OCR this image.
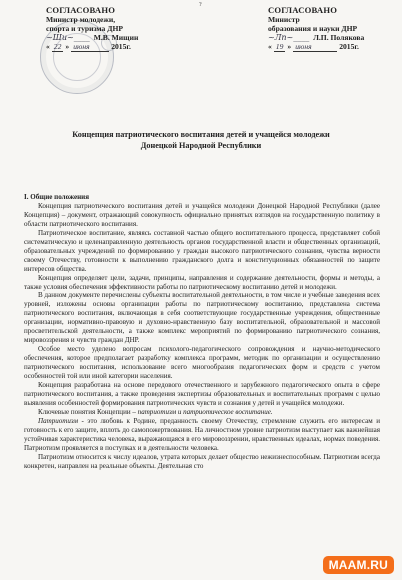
?
СОГЛАСОВАНО
Министр молодежи,
спорта и туризма ДНР
~Шu~____ М.В. Мищин
« 22 » июня	2015г.
СОГЛАСОВАНО
Министр
образования и науки ДНР
~Лп~____ Л.П. Полякова
« 19 » июня	2015г.
Концепция патриотического воспитания детей и учащейся молодежи
Донецкой Народной Республики
I. Общие положения

Концепция патриотического воспитания детей и учащейся молодежи Донецкой Народной Республики (далее Концепция) – документ, отражающий совокупность официально принятых взглядов на государственную политику в области патриотического воспитания.

Патриотическое воспитание, являясь составной частью общего воспитательного процесса, представляет собой систематическую и целенаправленную деятельность органов государственной власти и общественных организаций, образовательных учреждений по формированию у граждан высокого патриотического сознания, чувства верности своему Отечеству, готовности к выполнению гражданского долга и конституционных обязанностей по защите интересов общества.

Концепция определяет цели, задачи, принципы, направления и содержание деятельности, формы и методы, а также условия обеспечения эффективности работы по патриотическому воспитанию детей и молодежи.

В данном документе перечислены субъекты воспитательной деятельности, в том числе и учебные заведения всех уровней, изложены основы организации работы по патриотическому воспитанию, представлена система патриотического воспитания, включающая в себя соответствующие государственные учреждения, общественные организации, нормативно-правовую и духовно-нравственную базу воспитательной, образовательной и массовой просветительской деятельности, а также комплекс мероприятий по формированию патриотического сознания, мировоззрения и чувств граждан ДНР.

Особое место уделено вопросам психолого-педагогического сопровождения и научно-методического обеспечения, которое предполагает разработку комплекса программ, методик по организации и осуществлению патриотического воспитания, использование всего многообразия педагогических форм и средств с учетом особенностей той или иной категории населения.

Концепция разработана на основе передового отечественного и зарубежного педагогического опыта в сфере патриотического воспитания, а также проведения экспертизы образовательных и воспитательных программ с целью выявления особенностей формирования патриотических чувств и сознания у детей и учащейся молодежи.

Ключевые понятия Концепции – патриотизм и патриотическое воспитание.

Патриотизм - это любовь к Родине, преданность своему Отечеству, стремление служить его интересам и готовность к его защите, вплоть до самопожертвования. На личностном уровне патриотизм выступает как важнейшая устойчивая характеристика человека, выражающаяся в его мировоззрении, нравственных идеалах, нормах поведения. Патриотизм проявляется в поступках и в деятельности человека.

Патриотизм относится к числу идеалов, утрата которых делает общество нежизнеспособным. Патриотизм всегда конкретен, направлен на реальные объекты. Деятельная сто

MAAM.RU
